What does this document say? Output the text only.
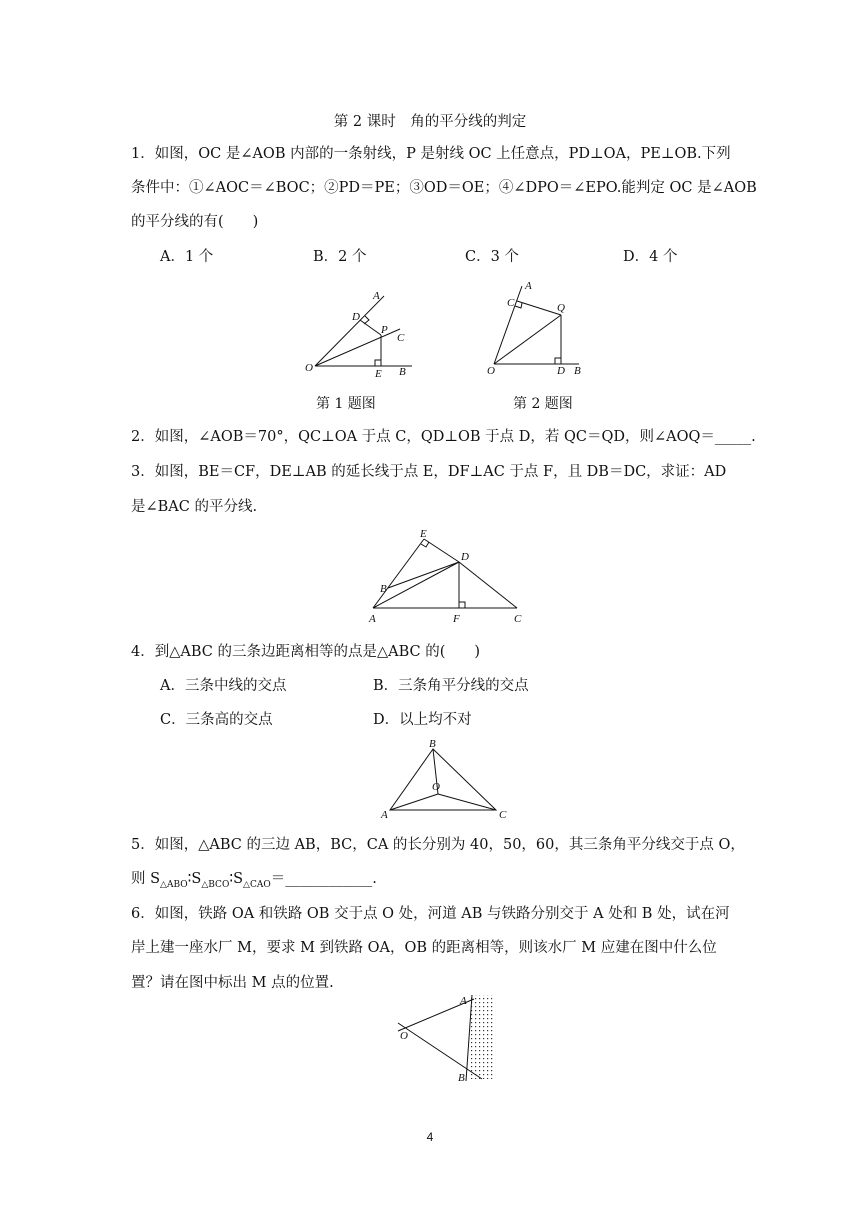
第 2 课时　角的平分线的判定
1．如图，OC 是∠AOB 内部的一条射线，P 是射线 OC 上任意点，PD⊥OA，PE⊥OB.下列
条件中：①∠AOC＝∠BOC；②PD＝PE；③OD＝OE；④∠DPO＝∠EPO.能判定 OC 是∠AOB
的平分线的有(　　)
A．1 个	B．2 个	C．3 个	D．4 个
A
D
P
C
O	E B
A
C	Q
O	D B
第 1 题图	第 2 题图
2．如图，∠AOB＝70°，QC⊥OA 于点 C，QD⊥OB 于点 D，若 QC＝QD，则∠AOQ＝_____.
3．如图，BE＝CF，DE⊥AB 的延长线于点 E，DF⊥AC 于点 F，且 DB＝DC，求证：AD
是∠BAC 的平分线.
E
D
B
A	F	C
4．到△ABC 的三条边距离相等的点是△ABC 的(　　)
A．三条中线的交点	B．三条角平分线的交点
C．三条高的交点	D．以上均不对
B
O
A	C
5．如图，△ABC 的三边 AB，BC，CA 的长分别为 40，50，60，其三条角平分线交于点 O，
则 $S_{\triangle ABO}∶S_{\triangle BCO}∶S_{\triangle CAO}=\_\_\_\_\_\_\_\_\_\_\_\_$.
6．如图，铁路 OA 和铁路 OB 交于点 O 处，河道 AB 与铁路分别交于 A 处和 B 处，试在河
岸上建一座水厂 M，要求 M 到铁路 OA，OB 的距离相等，则该水厂 M 应建在图中什么位
置？请在图中标出 M 点的位置.
A
O
B
4
